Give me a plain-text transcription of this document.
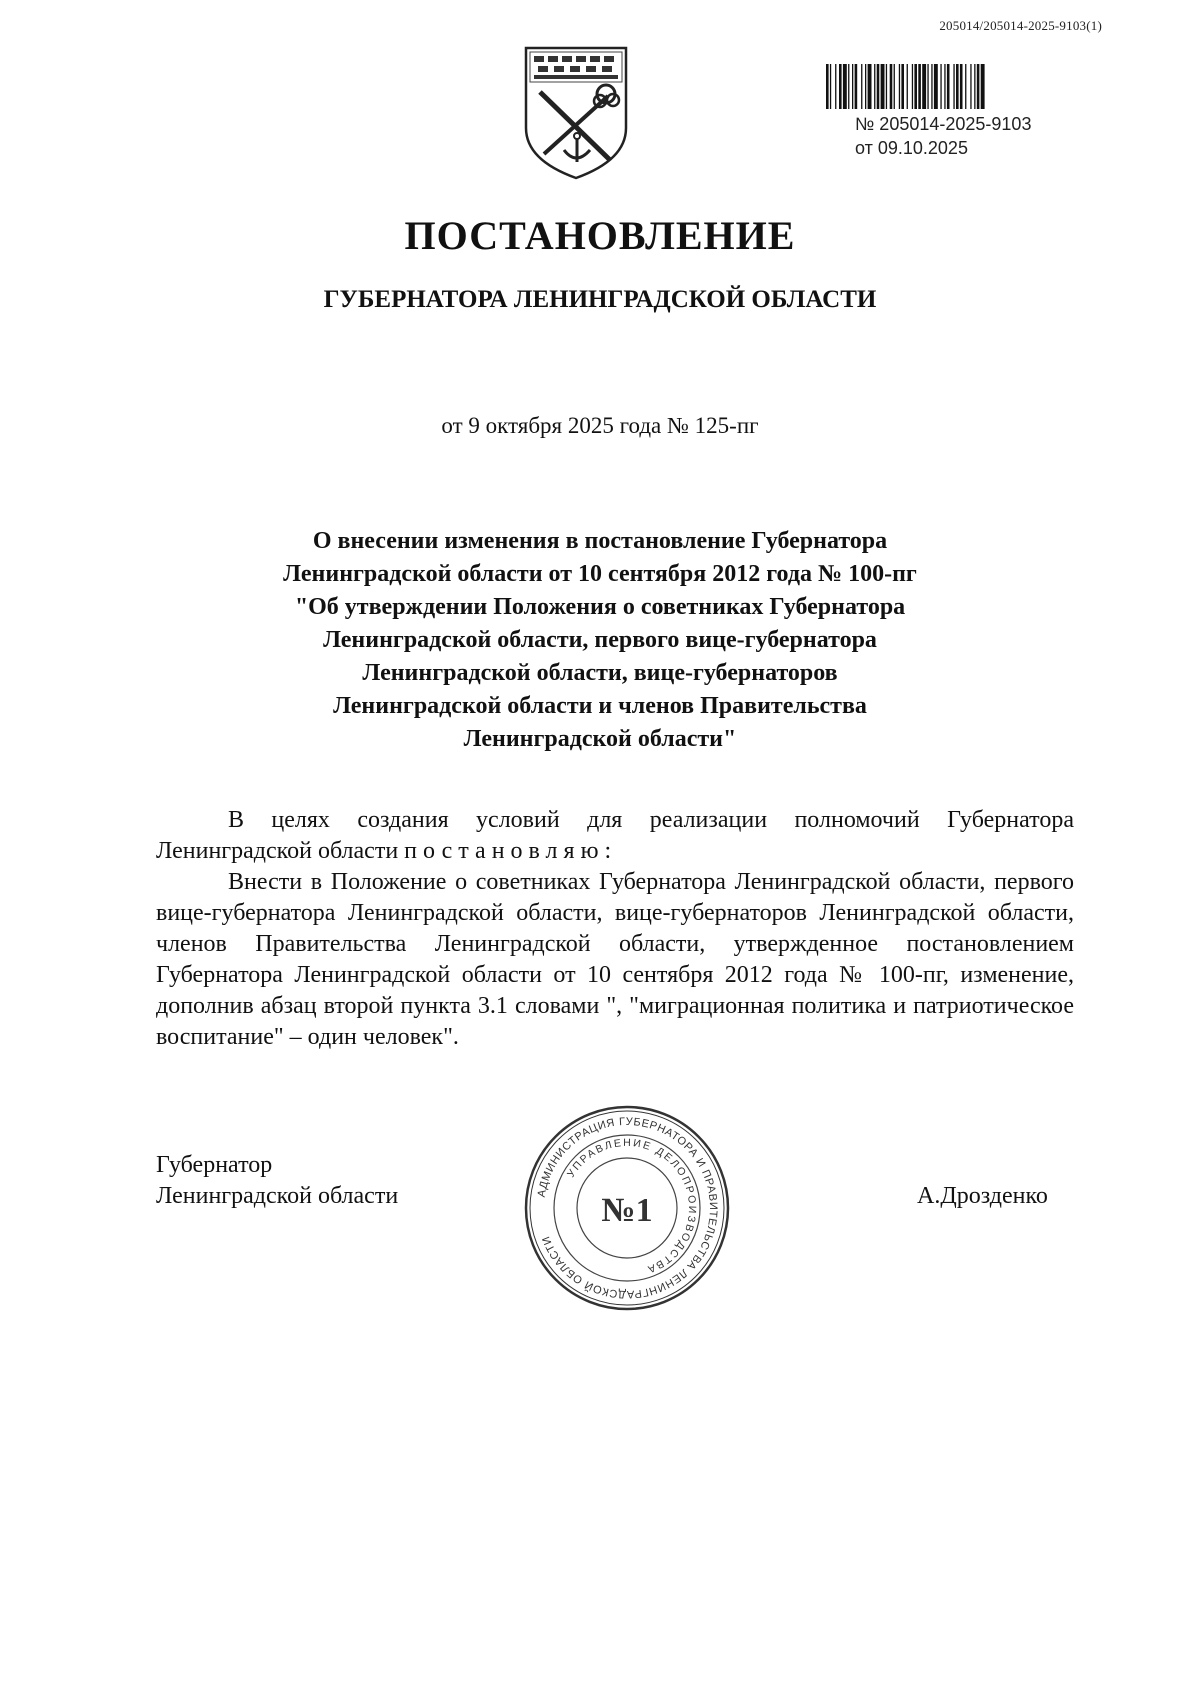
205014/205014-2025-9103(1)
№ 205014-2025-9103
от 09.10.2025
ПОСТАНОВЛЕНИЕ
ГУБЕРНАТОРА ЛЕНИНГРАДСКОЙ ОБЛАСТИ
от 9 октября 2025 года № 125-пг
О внесении изменения в постановление Губернатора
Ленинградской области от 10 сентября 2012 года № 100-пг
"Об утверждении Положения о советниках Губернатора
Ленинградской области, первого вице-губернатора
Ленинградской области, вице-губернаторов
Ленинградской области и членов Правительства
Ленинградской области"
В целях создания условий для реализации полномочий Губернатора Ленинградской области постановляю:
Внести в Положение о советниках Губернатора Ленинградской области, первого вице-губернатора Ленинградской области, вице-губернаторов Ленинградской области, членов Правительства Ленинградской области, утвержденное постановлением Губернатора Ленинградской области от 10 сентября 2012 года № 100-пг, изменение, дополнив абзац второй пункта 3.1 словами ", "миграционная политика и патриотическое воспитание" – один человек".
Губернатор
Ленинградской области	АДМИНИСТРАЦИЯ ГУБЕРНАТОРА И ПРАВИТЕЛЬСТВА ЛЕНИНГРАДСКОЙ ОБЛАСТИ
УПРАВЛЕНИЕ ДЕЛОПРОИЗВОДСТВА
№1	А.Дрозденко
